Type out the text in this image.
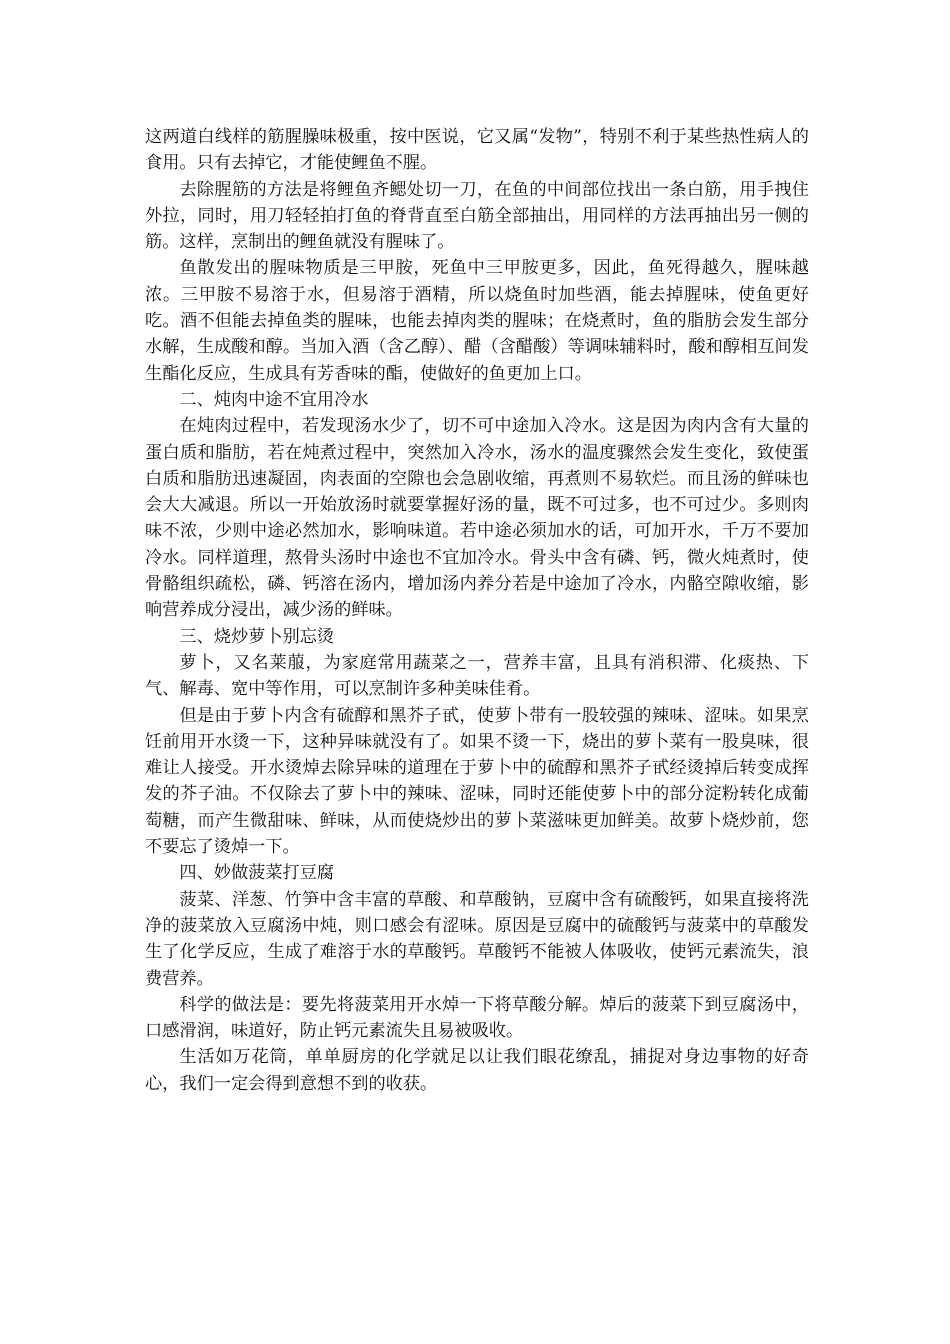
这两道白线样的筋腥臊味极重，按中医说，它又属“发物”，特别不利于某些热性病人的食用。只有去掉它，才能使鲤鱼不腥。

去除腥筋的方法是将鲤鱼齐鳃处切一刀，在鱼的中间部位找出一条白筋，用手拽住外拉，同时，用刀轻轻拍打鱼的脊背直至白筋全部抽出，用同样的方法再抽出另一侧的筋。这样，烹制出的鲤鱼就没有腥味了。

鱼散发出的腥味物质是三甲胺，死鱼中三甲胺更多，因此，鱼死得越久，腥味越浓。三甲胺不易溶于水，但易溶于酒精，所以烧鱼时加些酒，能去掉腥味，使鱼更好吃。酒不但能去掉鱼类的腥味，也能去掉肉类的腥味；在烧煮时，鱼的脂肪会发生部分水解，生成酸和醇。当加入酒（含乙醇）、醋（含醋酸）等调味辅料时，酸和醇相互间发生酯化反应，生成具有芳香味的酯，使做好的鱼更加上口。

二、炖肉中途不宜用冷水

在炖肉过程中，若发现汤水少了，切不可中途加入冷水。这是因为肉内含有大量的蛋白质和脂肪，若在炖煮过程中，突然加入冷水，汤水的温度骤然会发生变化，致使蛋白质和脂肪迅速凝固，肉表面的空隙也会急剧收缩，再煮则不易软烂。而且汤的鲜味也会大大减退。所以一开始放汤时就要掌握好汤的量，既不可过多，也不可过少。多则肉味不浓，少则中途必然加水，影响味道。若中途必须加水的话，可加开水，千万不要加冷水。同样道理，熬骨头汤时中途也不宜加冷水。骨头中含有磷、钙，微火炖煮时，使骨骼组织疏松，磷、钙溶在汤内，增加汤内养分若是中途加了冷水，内骼空隙收缩，影响营养成分浸出，减少汤的鲜味。

三、烧炒萝卜别忘烫

萝卜，又名莱菔，为家庭常用蔬菜之一，营养丰富，且具有消积滞、化痰热、下气、解毒、宽中等作用，可以烹制许多种美味佳肴。

但是由于萝卜内含有硫醇和黑芥子甙，使萝卜带有一股较强的辣味、涩味。如果烹饪前用开水烫一下，这种异味就没有了。如果不烫一下，烧出的萝卜菜有一股臭味，很难让人接受。开水烫焯去除异味的道理在于萝卜中的硫醇和黑芥子甙经烫掉后转变成挥发的芥子油。不仅除去了萝卜中的辣味、涩味，同时还能使萝卜中的部分淀粉转化成葡萄糖，而产生微甜味、鲜味，从而使烧炒出的萝卜菜滋味更加鲜美。故萝卜烧炒前，您不要忘了烫焯一下。

四、妙做菠菜打豆腐

菠菜、洋葱、竹笋中含丰富的草酸、和草酸钠，豆腐中含有硫酸钙，如果直接将洗净的菠菜放入豆腐汤中炖，则口感会有涩味。原因是豆腐中的硫酸钙与菠菜中的草酸发生了化学反应，生成了难溶于水的草酸钙。草酸钙不能被人体吸收，使钙元素流失，浪费营养。

科学的做法是：要先将菠菜用开水焯一下将草酸分解。焯后的菠菜下到豆腐汤中，口感滑润，味道好，防止钙元素流失且易被吸收。

生活如万花筒，单单厨房的化学就足以让我们眼花缭乱，捕捉对身边事物的好奇心，我们一定会得到意想不到的收获。
